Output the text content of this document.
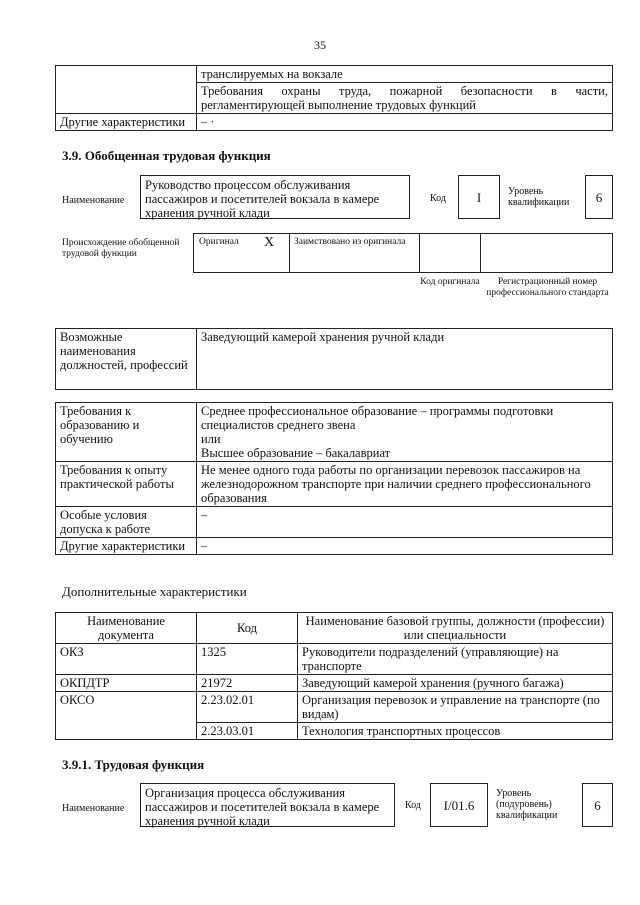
35
	транслируемых на вокзале
	Требования охраны труда, пожарной безопасности в части, регламентирующей выполнение трудовых функций
Другие характеристики	– ·
3.9. Обобщенная трудовая функция
Наименование
Руководство процессом обслуживания пассажиров и посетителей вокзала в камере хранения ручной клади
Код	I	Уровень квалификации	6
Происхождение обобщенной трудовой функции
Оригинал X Заимствовано из оригинала
Код оригинала	Регистрационный номер профессионального стандарта
Возможные наименования должностей, профессий	Заведующий камерой хранения ручной клади
Требования к образованию и обучению	Среднее профессиональное образование – программы подготовки специалистов среднего звена
или
Высшее образование – бакалавриат

Требования к опыту практической работы	Не менее одного года работы по организации перевозок пассажиров на железнодорожном транспорте при наличии среднего профессионального образования

Особые условия допуска к работе	–

Другие характеристики	–
Дополнительные характеристики
Наименование документа	Код	Наименование базовой группы, должности (профессии) или специальности
ОКЗ	1325	Руководители подразделений (управляющие) на транспорте
ОКПДТР	21972	Заведующий камерой хранения (ручного багажа)
ОКСО	2.23.02.01	Организация перевозок и управление на транспорте (по видам)
	2.23.03.01	Технология транспортных процессов
3.9.1. Трудовая функция
Наименование
Организация процесса обслуживания пассажиров и посетителей вокзала в камере хранения ручной клади
Код	I/01.6
Уровень (подуровень) квалификации
6
